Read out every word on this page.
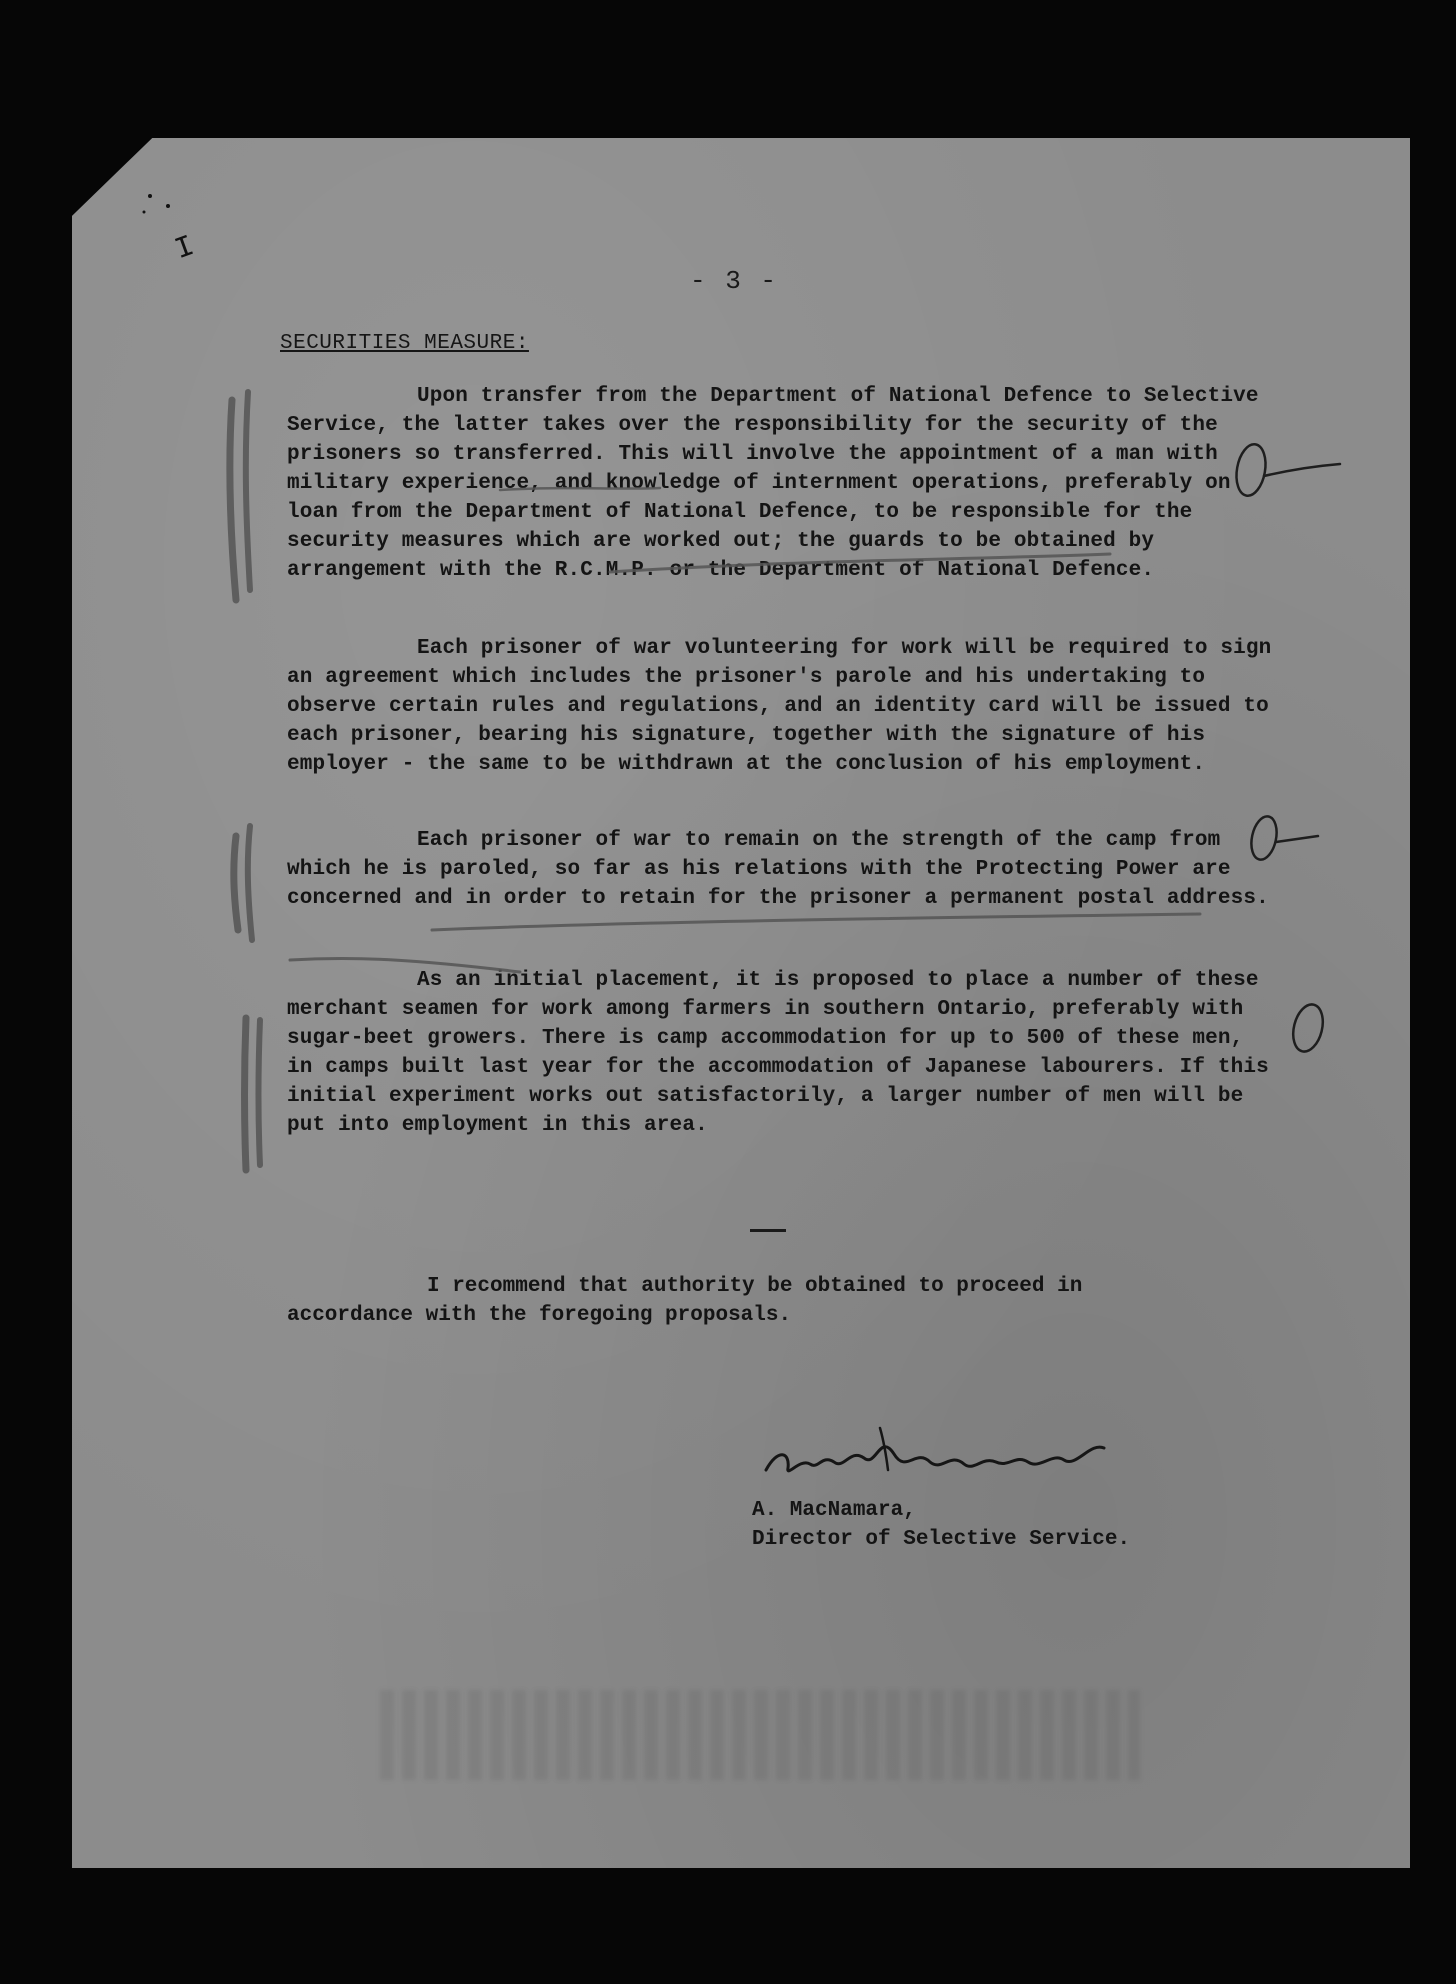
I
- 3 -
SECURITIES MEASURE:

Upon transfer from the Department of National Defence to Selective Service, the latter takes over the responsibility for the security of the prisoners so transferred. This will involve the appointment of a man with military experience, and knowledge of internment operations, preferably on loan from the Department of National Defence, to be responsible for the security measures which are worked out; the guards to be obtained by arrangement with the R.C.M.P. or the Department of National Defence.

Each prisoner of war volunteering for work will be required to sign an agreement which includes the prisoner's parole and his undertaking to observe certain rules and regulations, and an identity card will be issued to each prisoner, bearing his signature, together with the signature of his employer - the same to be withdrawn at the conclusion of his employment.

Each prisoner of war to remain on the strength of the camp from which he is paroled, so far as his relations with the Protecting Power are concerned and in order to retain for the prisoner a permanent postal address.

As an initial placement, it is proposed to place a number of these merchant seamen for work among farmers in southern Ontario, preferably with sugar-beet growers. There is camp accommodation for up to 500 of these men, in camps built last year for the accommodation of Japanese labourers. If this initial experiment works out satisfactorily, a larger number of men will be put into employment in this area.

I recommend that authority be obtained to proceed in accordance with the foregoing proposals.

A. MacNamara,
Director of Selective Service.
